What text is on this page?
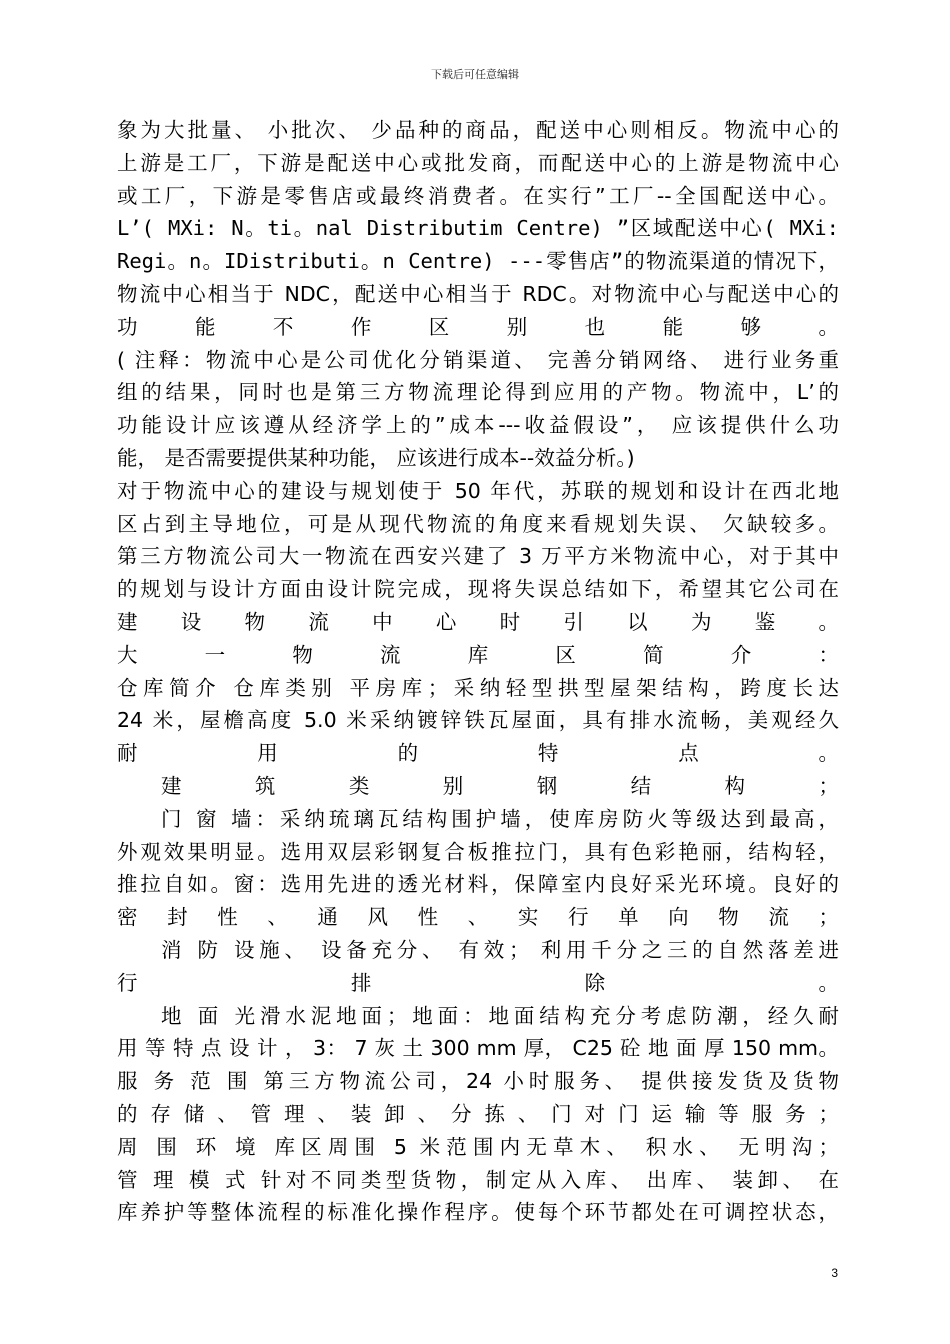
下载后可任意编辑
象为大批量、 小批次、 少品种的商品，配送中心则相反。物流中心的
上游是工厂，下游是配送中心或批发商，而配送中心的上游是物流中心
或工厂，下游是零售店或最终消费者。在实行”工厂--全国配送中心。
L’( MXi: N。ti。nal Distributim Centre) ”区域配送中心( MXi:
Regi。n。IDistributi。n Centre) ---零售店”的物流渠道的情况下，
物流中心相当于 NDC，配送中心相当于 RDC。对物流中心与配送中心的
功 能 不 作 区 别 也 能 够 。
( 注释：物流中心是公司优化分销渠道、 完善分销网络、 进行业务重
组的结果，同时也是第三方物流理论得到应用的产物。物流中，L’的
功能设计应该遵从经济学上的”成本---收益假设”， 应该提供什么功
能， 是否需要提供某种功能， 应该进行成本--效益分析。)
对于物流中心的建设与规划使于 50 年代，苏联的规划和设计在西北地
区占到主导地位，可是从现代物流的角度来看规划失误、 欠缺较多。
第三方物流公司大一物流在西安兴建了 3 万平方米物流中心，对于其中
的规划与设计方面由设计院完成，现将失误总结如下，希望其它公司在
建 设 物 流 中 心 时 引 以 为 鉴 。
大 一 物 流 库 区 简 介 ：
仓库简介 仓库类别 平房库；采纳轻型拱型屋架结构，跨度长达
24 米，屋檐高度 5.0 米采纳镀锌铁瓦屋面，具有排水流畅，美观经久
耐 用 的 特 点 。
建 筑 类 别 钢 结 构 ；
门 窗 墙：采纳琉璃瓦结构围护墙，使库房防火等级达到最高，
外观效果明显。选用双层彩钢复合板推拉门，具有色彩艳丽，结构轻，
推拉自如。窗：选用先进的透光材料，保障室内良好采光环境。良好的
密 封 性 、 通 风 性 、 实 行 单 向 物 流 ；
消 防 设施、 设备充分、 有效； 利用千分之三的自然落差进
行 排 除 。
地 面 光滑水泥地面；地面：地面结构充分考虑防潮，经久耐
用 等 特 点 设 计 ， 3： 7 灰 土 300 mm 厚， C25 砼 地 面 厚 150 mm。
服 务 范 围 第三方物流公司，24 小时服务、 提供接发货及货物
的 存 储 、 管 理 、 装 卸 、 分 拣 、 门 对 门 运 输 等 服 务 ；
周 围 环 境 库区周围 5 米范围内无草木、 积水、 无明沟；
管 理 模 式 针对不同类型货物，制定从入库、 出库、 装卸、 在
库养护等整体流程的标准化操作程序。使每个环节都处在可调控状态，
3
